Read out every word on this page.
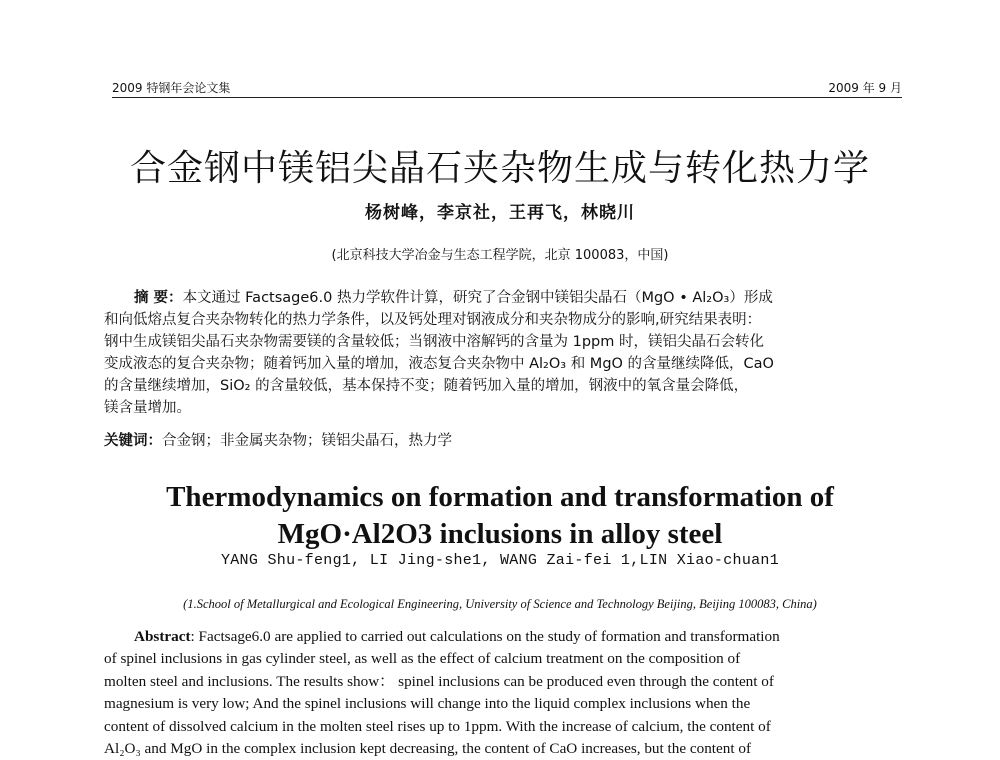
2009 特钢年会论文集	2009 年 9 月
合金钢中镁铝尖晶石夹杂物生成与转化热力学
杨树峰，李京社，王再飞，林晓川
(北京科技大学冶金与生态工程学院，北京 100083，中国)
摘 要：本文通过 Factsage6.0 热力学软件计算，研究了合金钢中镁铝尖晶石（MgO • Al₂O₃）形成
和向低熔点复合夹杂物转化的热力学条件，以及钙处理对钢液成分和夹杂物成分的影响,研究结果表明：
钢中生成镁铝尖晶石夹杂物需要镁的含量较低；当钢液中溶解钙的含量为 1ppm 时，镁铝尖晶石会转化
变成液态的复合夹杂物；随着钙加入量的增加，液态复合夹杂物中 Al₂O₃ 和 MgO 的含量继续降低，CaO
的含量继续增加，SiO₂ 的含量较低，基本保持不变；随着钙加入量的增加，钢液中的氧含量会降低，
镁含量增加。
关键词：合金钢；非金属夹杂物；镁铝尖晶石，热力学
Thermodynamics on formation and transformation of
MgO·Al2O3 inclusions in alloy steel
YANG Shu-feng1, LI Jing-she1, WANG Zai-fei 1,LIN Xiao-chuan1
(1.School of Metallurgical and Ecological Engineering, University of Science and Technology Beijing, Beijing 100083, China)
Abstract: Factsage6.0 are applied to carried out calculations on the study of formation and transformation
of spinel inclusions in gas cylinder steel, as well as the effect of calcium treatment on the composition of
molten steel and inclusions. The results show： spinel inclusions can be produced even through the content of
magnesium is very low; And the spinel inclusions will change into the liquid complex inclusions when the
content of dissolved calcium in the molten steel rises up to 1ppm. With the increase of calcium, the content of
Al₂O₃ and MgO in the complex inclusion kept decreasing, the content of CaO increases, but the content of
